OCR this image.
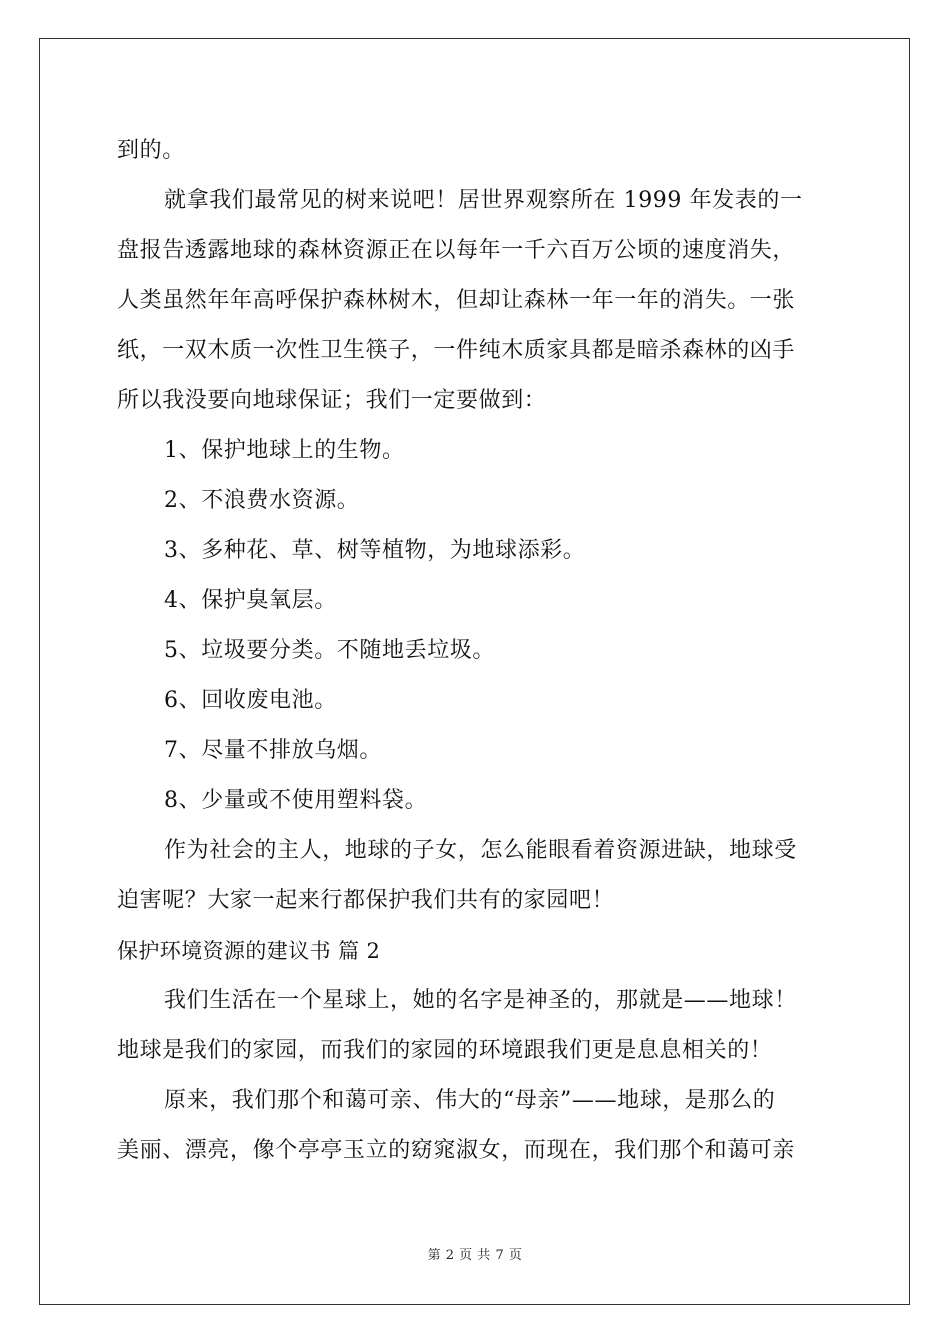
到的。
就拿我们最常见的树来说吧！居世界观察所在 1999 年发表的一
盘报告透露地球的森林资源正在以每年一千六百万公顷的速度消失，
人类虽然年年高呼保护森林树木，但却让森林一年一年的消失。一张
纸，一双木质一次性卫生筷子，一件纯木质家具都是暗杀森林的凶手
所以我没要向地球保证；我们一定要做到：
1、保护地球上的生物。
2、不浪费水资源。
3、多种花、草、树等植物，为地球添彩。
4、保护臭氧层。
5、垃圾要分类。不随地丢垃圾。
6、回收废电池。
7、尽量不排放乌烟。
8、少量或不使用塑料袋。
作为社会的主人，地球的子女，怎么能眼看着资源进缺，地球受
迫害呢？大家一起来行都保护我们共有的家园吧！
保护环境资源的建议书 篇 2
我们生活在一个星球上，她的名字是神圣的，那就是——地球！
地球是我们的家园，而我们的家园的环境跟我们更是息息相关的！
原来，我们那个和蔼可亲、伟大的“母亲”——地球，是那么的
美丽、漂亮，像个亭亭玉立的窈窕淑女，而现在，我们那个和蔼可亲
第 2 页 共 7 页
